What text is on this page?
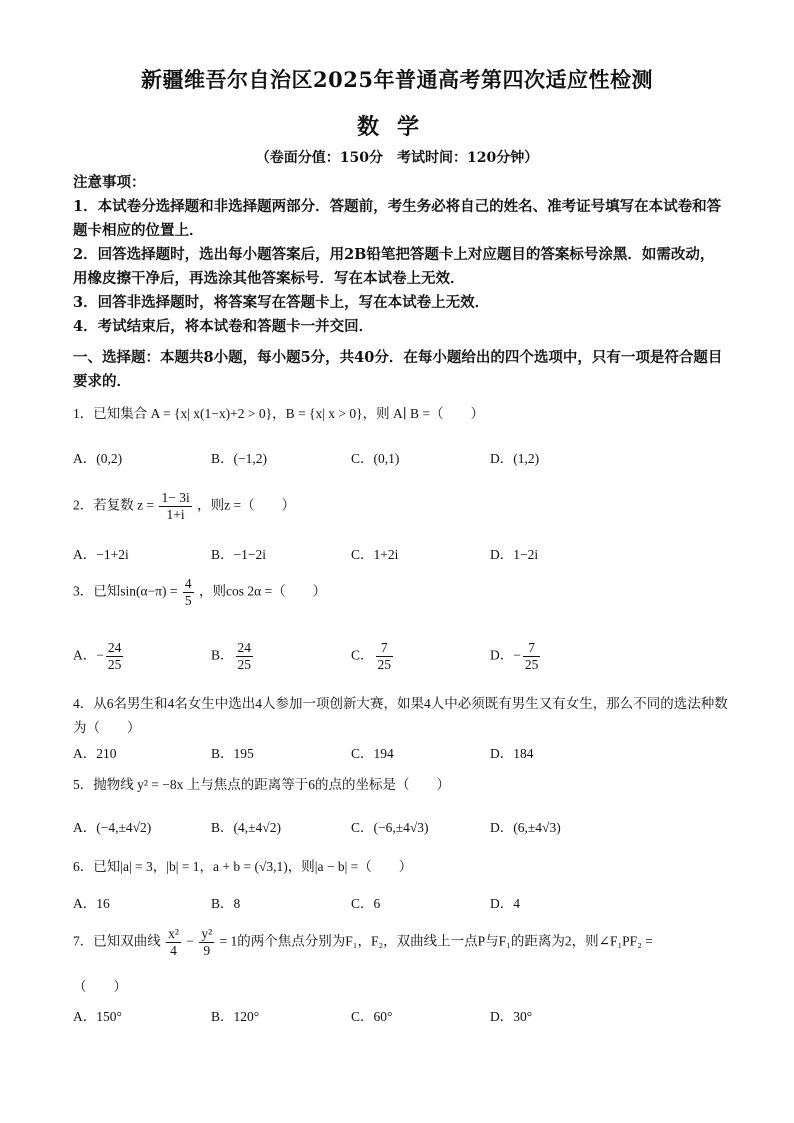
新疆维吾尔自治区2025年普通高考第四次适应性检测
数学
（卷面分值：150分　考试时间：120分钟）

注意事项：

1．本试卷分选择题和非选择题两部分．答题前，考生务必将自己的姓名、准考证号填写在本试卷和答题卡相应的位置上．

2．回答选择题时，选出每小题答案后，用2B铅笔把答题卡上对应题目的答案标号涂黑．如需改动，用橡皮擦干净后，再选涂其他答案标号．写在本试卷上无效．

3．回答非选择题时，将答案写在答题卡上，写在本试卷上无效．

4．考试结束后，将本试卷和答题卡一并交回．

一、选择题：本题共8小题，每小题5分，共40分．在每小题给出的四个选项中，只有一项是符合题目要求的．
1．已知集合 A = {x| x(1−x)+2 > 0}，B = {x| x > 0}，则 A∣ B =（　　）
A．(0,2)	B．(−1,2)	C．(0,1)	D．(1,2)
2．若复数 $z = \frac{1- 3i}{1+i}$ ，则z =（　　）
A．−1+2i	B．−1−2i	C．1+2i	D．1−2i
3．已知$\sin(\alpha-\pi) = \frac{4}{5}$ ，则cos 2α =（　　）
A．− $\frac{24}{25}$	B． $\frac{24}{25}$	C． $\frac{7}{25}$	D．− $\frac{7}{25}$
4．从6名男生和4名女生中选出4人参加一项创新大赛，如果4人中必须既有男生又有女生，那么不同的选法种数为（　　）
A．210	B．195	C．194	D．184
5．抛物线 y² = −8x 上与焦点的距离等于6的点的坐标是（　　）
A．(−4,±4√2)	B．(4,±4√2)	C．(−6,±4√3)	D．(6,±4√3)
6．已知|a| = 3，|b| = 1，a + b = (√3,1)，则|a − b| =（　　）
A．16	B．8	C．6	D．4
7．已知双曲线 $\frac{\text{x²}}{4} - \frac{\text{y²}}{9} = 1$的两个焦点分别为F₁，F₂，双曲线上一点P与F₁的距离为2，则∠F₁PF₂ =
（　　）
A．150°	B．120°	C．60°	D．30°
